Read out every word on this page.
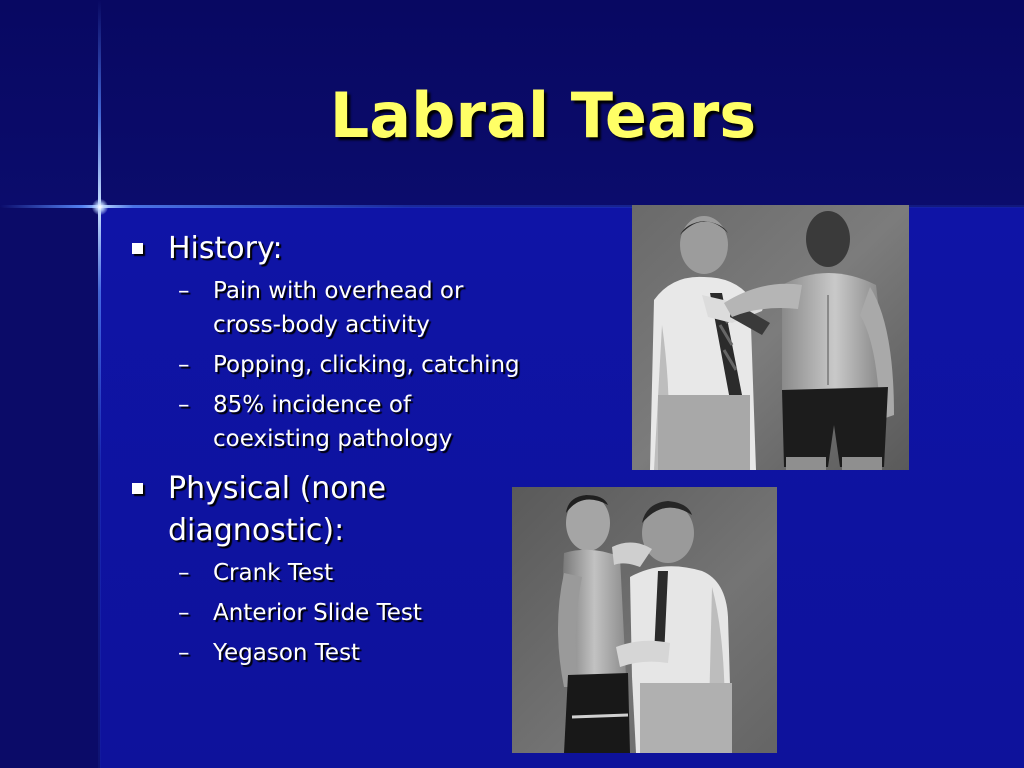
Labral Tears

History:

– Pain with overhead or cross-body activity

– Popping, clicking, catching

– 85% incidence of coexisting pathology

Physical (none diagnostic):

– Crank Test

– Anterior Slide Test

– Yegason Test
